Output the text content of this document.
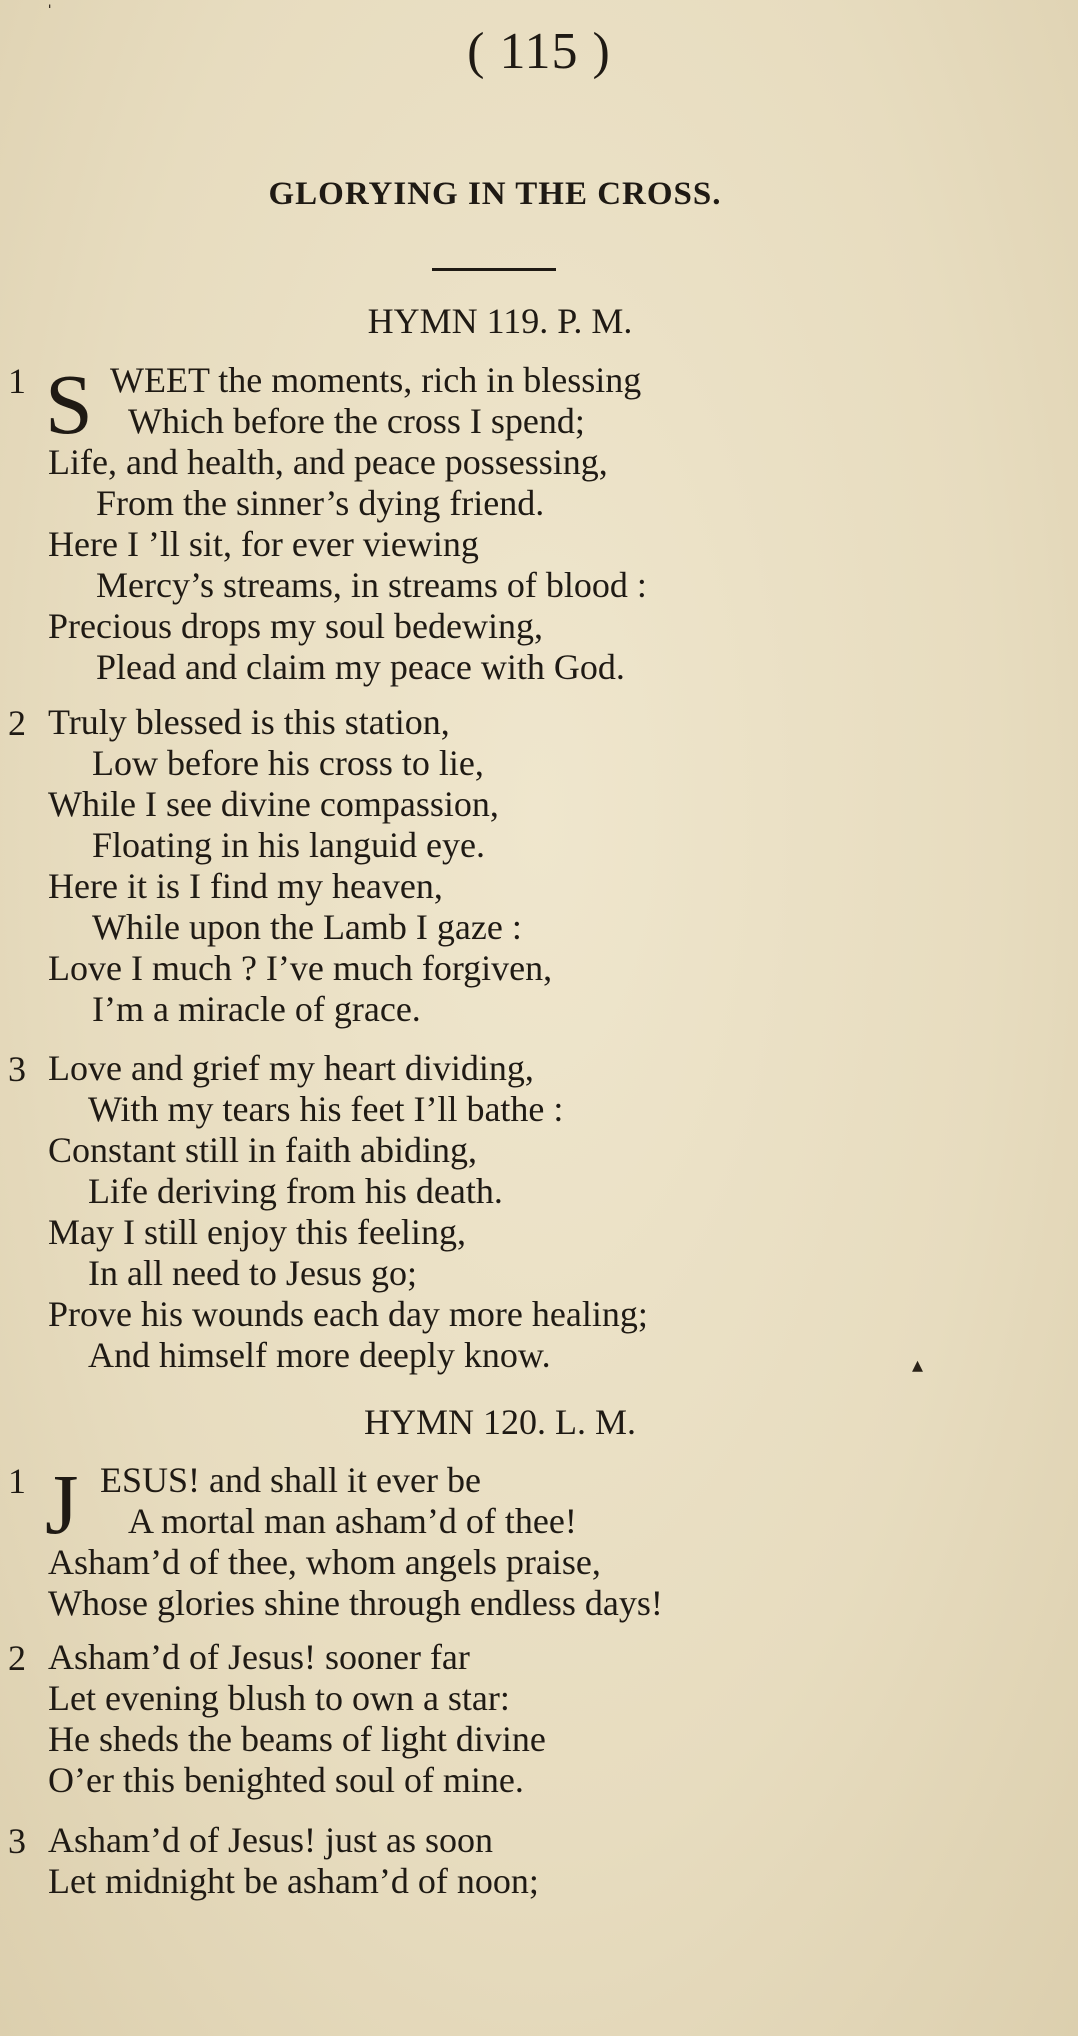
( 115 )
GLORYING IN THE CROSS.
HYMN 119. P. M.
1 S WEET the moments, rich in blessing
Which before the cross I spend;
Life, and health, and peace possessing,
From the sinner’s dying friend.
Here I ’ll sit, for ever viewing
Mercy’s streams, in streams of blood :
Precious drops my soul bedewing,
Plead and claim my peace with God.
2 Truly blessed is this station,
Low before his cross to lie,
While I see divine compassion,
Floating in his languid eye.
Here it is I find my heaven,
While upon the Lamb I gaze :
Love I much ? I’ve much forgiven,
I’m a miracle of grace.
3 Love and grief my heart dividing,
With my tears his feet I’ll bathe :
Constant still in faith abiding,
Life deriving from his death.
May I still enjoy this feeling,
In all need to Jesus go;
Prove his wounds each day more healing;
And himself more deeply know.
HYMN 120. L. M.
1 J ESUS! and shall it ever be
A mortal man asham’d of thee!
Asham’d of thee, whom angels praise,
Whose glories shine through endless days!
2 Asham’d of Jesus! sooner far
Let evening blush to own a star:
He sheds the beams of light divine
O’er this benighted soul of mine.
3 Asham’d of Jesus! just as soon
Let midnight be asham’d of noon;
ˈ
▴
